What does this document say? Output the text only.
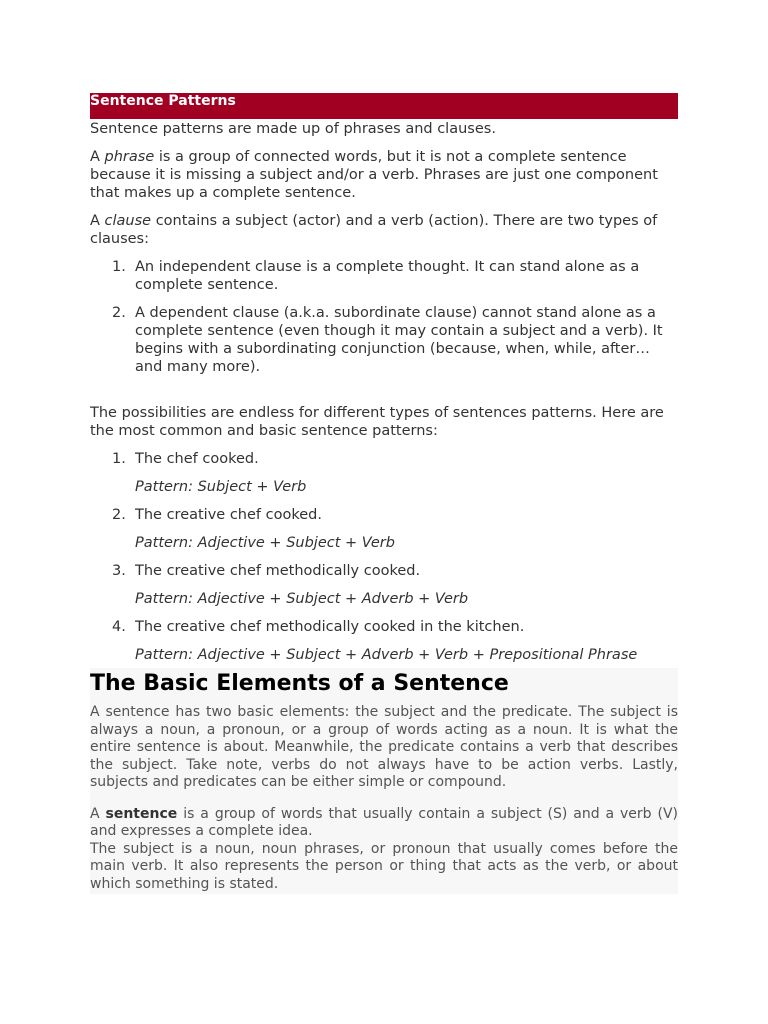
Sentence Patterns
Sentence patterns are made up of phrases and clauses.
A phrase is a group of connected words, but it is not a complete sentence because it is missing a subject and/or a verb. Phrases are just one component that makes up a complete sentence.
A clause contains a subject (actor) and a verb (action). There are two types of clauses:
1. An independent clause is a complete thought. It can stand alone as a complete sentence.
2. A dependent clause (a.k.a. subordinate clause) cannot stand alone as a complete sentence (even though it may contain a subject and a verb). It begins with a subordinating conjunction (because, when, while, after… and many more).
The possibilities are endless for different types of sentences patterns. Here are the most common and basic sentence patterns:
1. The chef cooked.
Pattern: Subject + Verb
2. The creative chef cooked.
Pattern: Adjective + Subject + Verb
3. The creative chef methodically cooked.
Pattern: Adjective + Subject + Adverb + Verb
4. The creative chef methodically cooked in the kitchen.
Pattern: Adjective + Subject + Adverb + Verb + Prepositional Phrase
The Basic Elements of a Sentence
A sentence has two basic elements: the subject and the predicate. The subject is always a noun, a pronoun, or a group of words acting as a noun. It is what the entire sentence is about. Meanwhile, the predicate contains a verb that describes the subject. Take note, verbs do not always have to be action verbs. Lastly, subjects and predicates can be either simple or compound.
A sentence is a group of words that usually contain a subject (S) and a verb (V) and expresses a complete idea.
The subject is a noun, noun phrases, or pronoun that usually comes before the main verb. It also represents the person or thing that acts as the verb, or about which something is stated.
